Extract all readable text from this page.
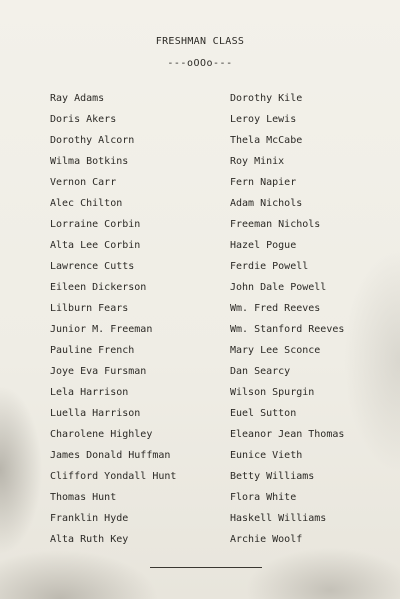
FRESHMAN CLASS
---oOOo---
Ray Adams
Doris Akers
Dorothy Alcorn
Wilma Botkins
Vernon Carr
Alec Chilton
Lorraine Corbin
Alta Lee Corbin
Lawrence Cutts
Eileen Dickerson
Lilburn Fears
Junior M. Freeman
Pauline French
Joye Eva Fursman
Lela Harrison
Luella Harrison
Charolene Highley
James Donald Huffman
Clifford Yondall Hunt
Thomas Hunt
Franklin Hyde
Alta Ruth Key
Dorothy Kile
Leroy Lewis
Thela McCabe
Roy Minix
Fern Napier
Adam Nichols
Freeman Nichols
Hazel Pogue
Ferdie Powell
John Dale Powell
Wm. Fred Reeves
Wm. Stanford Reeves
Mary Lee Sconce
Dan Searcy
Wilson Spurgin
Euel Sutton
Eleanor Jean Thomas
Eunice Vieth
Betty Williams
Flora White
Haskell Williams
Archie Woolf
